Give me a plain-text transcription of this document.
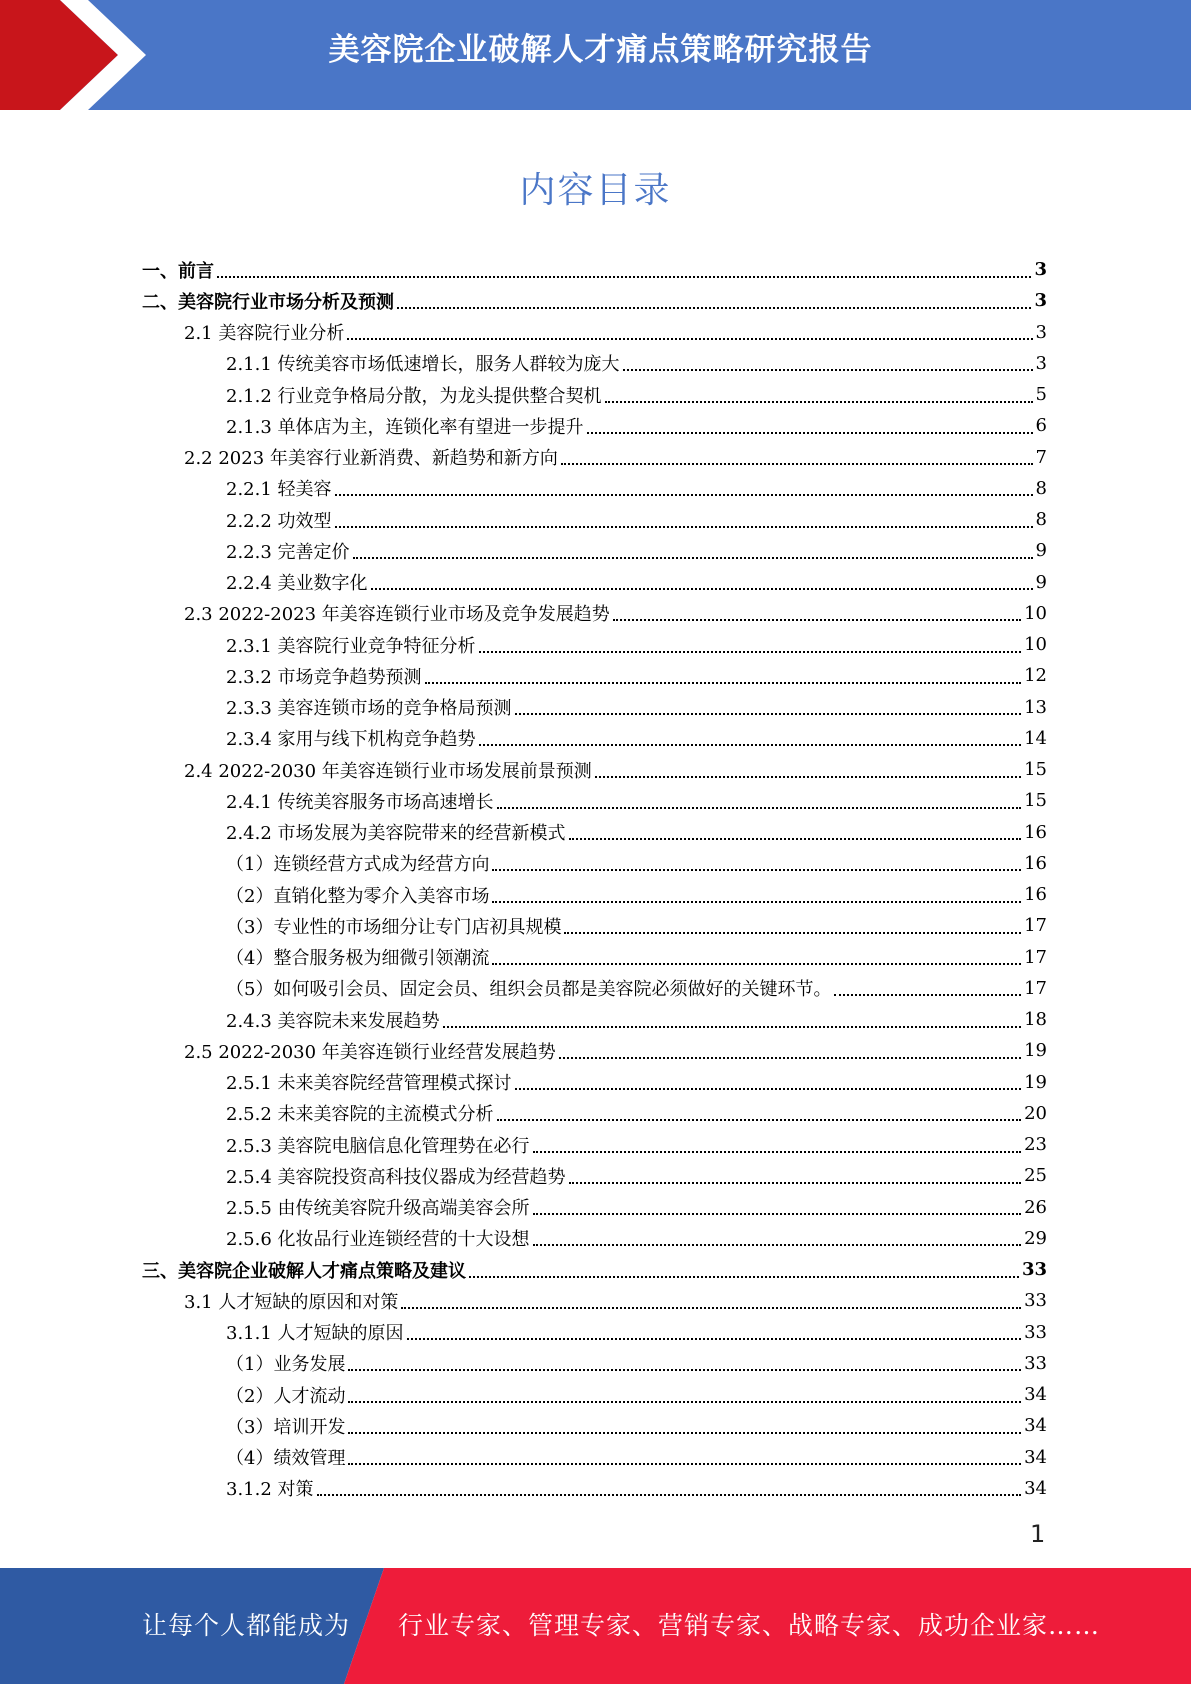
美容院企业破解人才痛点策略研究报告
内容目录
一、前言	3
二、美容院行业市场分析及预测	3
2.1 美容院行业分析	3
2.1.1 传统美容市场低速增长，服务人群较为庞大	3
2.1.2 行业竞争格局分散，为龙头提供整合契机	5
2.1.3 单体店为主，连锁化率有望进一步提升	6
2.2 2023 年美容行业新消费、新趋势和新方向	7
2.2.1 轻美容	8
2.2.2 功效型	8
2.2.3 完善定价	9
2.2.4 美业数字化	9
2.3 2022-2023 年美容连锁行业市场及竞争发展趋势	10
2.3.1 美容院行业竞争特征分析	10
2.3.2 市场竞争趋势预测	12
2.3.3 美容连锁市场的竞争格局预测	13
2.3.4 家用与线下机构竞争趋势	14
2.4 2022-2030 年美容连锁行业市场发展前景预测	15
2.4.1 传统美容服务市场高速增长	15
2.4.2 市场发展为美容院带来的经营新模式	16
（1）连锁经营方式成为经营方向	16
（2）直销化整为零介入美容市场	16
（3）专业性的市场细分让专门店初具规模	17
（4）整合服务极为细微引领潮流	17
（5）如何吸引会员、固定会员、组织会员都是美容院必须做好的关键环节。	17
2.4.3 美容院未来发展趋势	18
2.5 2022-2030 年美容连锁行业经营发展趋势	19
2.5.1 未来美容院经营管理模式探讨	19
2.5.2 未来美容院的主流模式分析	20
2.5.3 美容院电脑信息化管理势在必行	23
2.5.4 美容院投资高科技仪器成为经营趋势	25
2.5.5 由传统美容院升级高端美容会所	26
2.5.6 化妆品行业连锁经营的十大设想	29
三、美容院企业破解人才痛点策略及建议	33
3.1 人才短缺的原因和对策	33
3.1.1 人才短缺的原因	33
（1）业务发展	33
（2）人才流动	34
（3）培训开发	34
（4）绩效管理	34
3.1.2 对策	34
1
让每个人都能成为 行业专家、管理专家、营销专家、战略专家、成功企业家……
